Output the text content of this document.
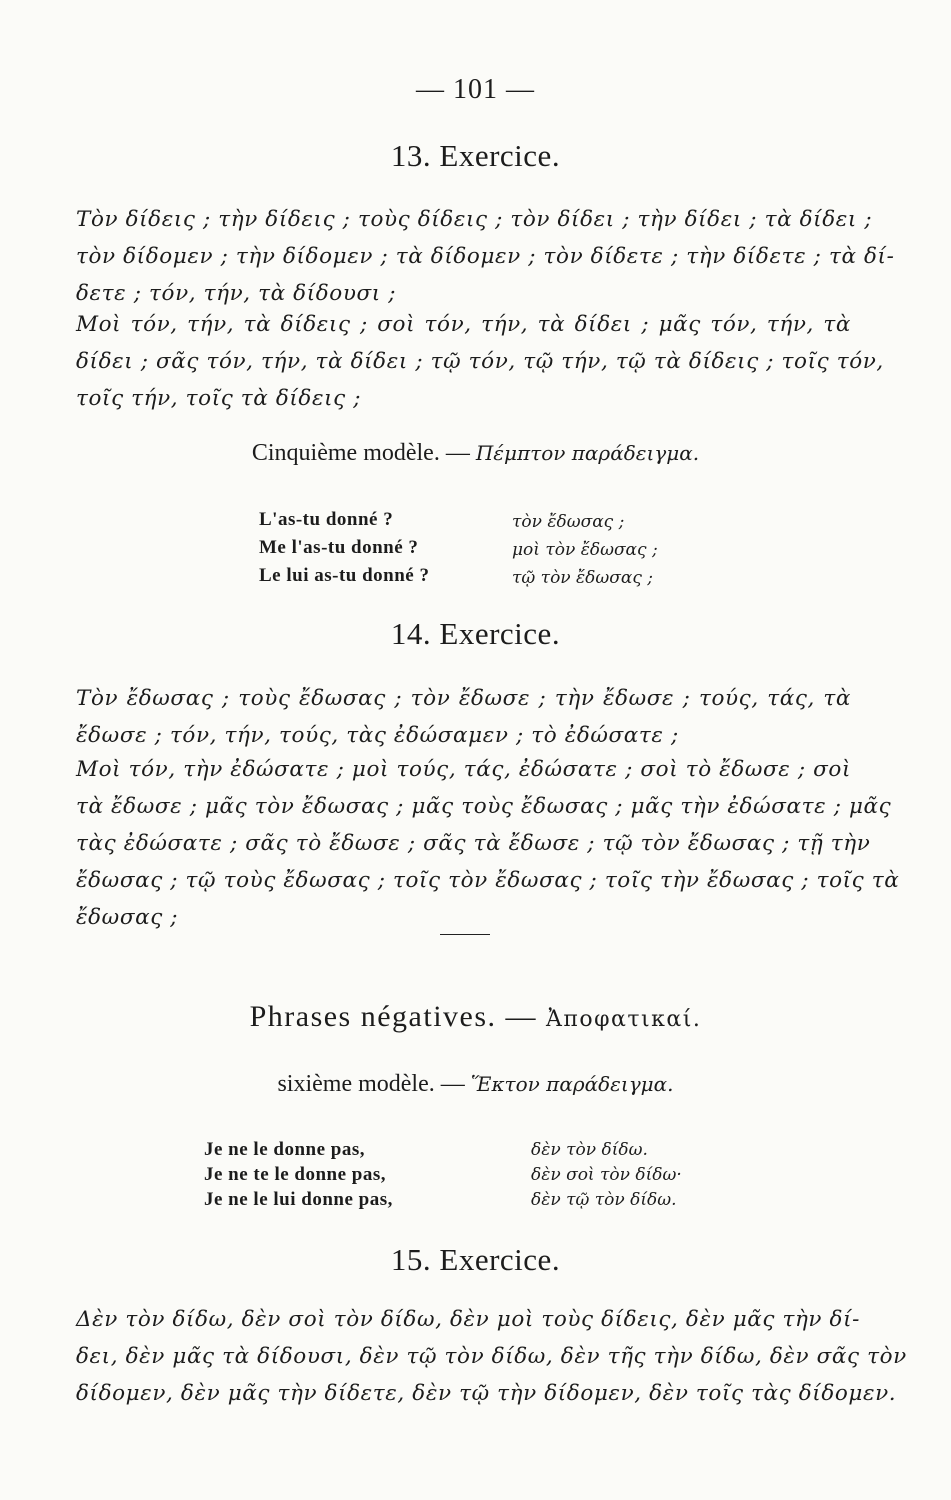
— 101 —
13. Exercice.
Τὸν δίδεις ; τὴν δίδεις ; τοὺς δίδεις ; τὸν δίδει ; τὴν δίδει ; τὰ δίδει ;
τὸν δίδομεν ; τὴν δίδομεν ; τὰ δίδομεν ; τὸν δίδετε ; τὴν δίδετε ; τὰ δί-
δετε ; τόν, τήν, τὰ δίδουσι ;
Μοὶ τόν, τήν, τὰ δίδεις ; σοὶ τόν, τήν, τὰ δίδει ; μᾶς τόν, τήν, τὰ
δίδει ; σᾶς τόν, τήν, τὰ δίδει ; τῷ τόν, τῷ τήν, τῷ τὰ δίδεις ; τοῖς τόν,
τοῖς τήν, τοῖς τὰ δίδεις ;
Cinquième modèle. — Πέμπτον παράδειγμα.
L'as-tu donné ?	τὸν ἔδωσας ;
Me l'as-tu donné ?	μοὶ τὸν ἔδωσας ;
Le lui as-tu donné ?	τῷ τὸν ἔδωσας ;
14. Exercice.
Τὸν ἔδωσας ; τοὺς ἔδωσας ; τὸν ἔδωσε ; τὴν ἔδωσε ; τούς, τάς, τὰ
ἔδωσε ; τόν, τήν, τούς, τὰς ἐδώσαμεν ; τὸ ἐδώσατε ;
Μοὶ τόν, τὴν ἐδώσατε ; μοὶ τούς, τάς, ἐδώσατε ; σοὶ τὸ ἔδωσε ; σοὶ
τὰ ἔδωσε ; μᾶς τὸν ἔδωσας ; μᾶς τοὺς ἔδωσας ; μᾶς τὴν ἐδώσατε ; μᾶς
τὰς ἐδώσατε ; σᾶς τὸ ἔδωσε ; σᾶς τὰ ἔδωσε ; τῷ τὸν ἔδωσας ; τῇ τὴν
ἔδωσας ; τῷ τοὺς ἔδωσας ; τοῖς τὸν ἔδωσας ; τοῖς τὴν ἔδωσας ; τοῖς τὰ
ἔδωσας ;
Phrases négatives. — Ἀποφατικαί.
sixième modèle. — Ἕκτον παράδειγμα.
Je ne le donne pas,	δὲν τὸν δίδω.
Je ne te le donne pas,	δὲν σοὶ τὸν δίδω·
Je ne le lui donne pas,	δὲν τῷ τὸν δίδω.
15. Exercice.
Δὲν τὸν δίδω, δὲν σοὶ τὸν δίδω, δὲν μοὶ τοὺς δίδεις, δὲν μᾶς τὴν δί-
δει, δὲν μᾶς τὰ δίδουσι, δὲν τῷ τὸν δίδω, δὲν τῆς τὴν δίδω, δὲν σᾶς τὸν
δίδομεν, δὲν μᾶς τὴν δίδετε, δὲν τῷ τὴν δίδομεν, δὲν τοῖς τὰς δίδομεν.
